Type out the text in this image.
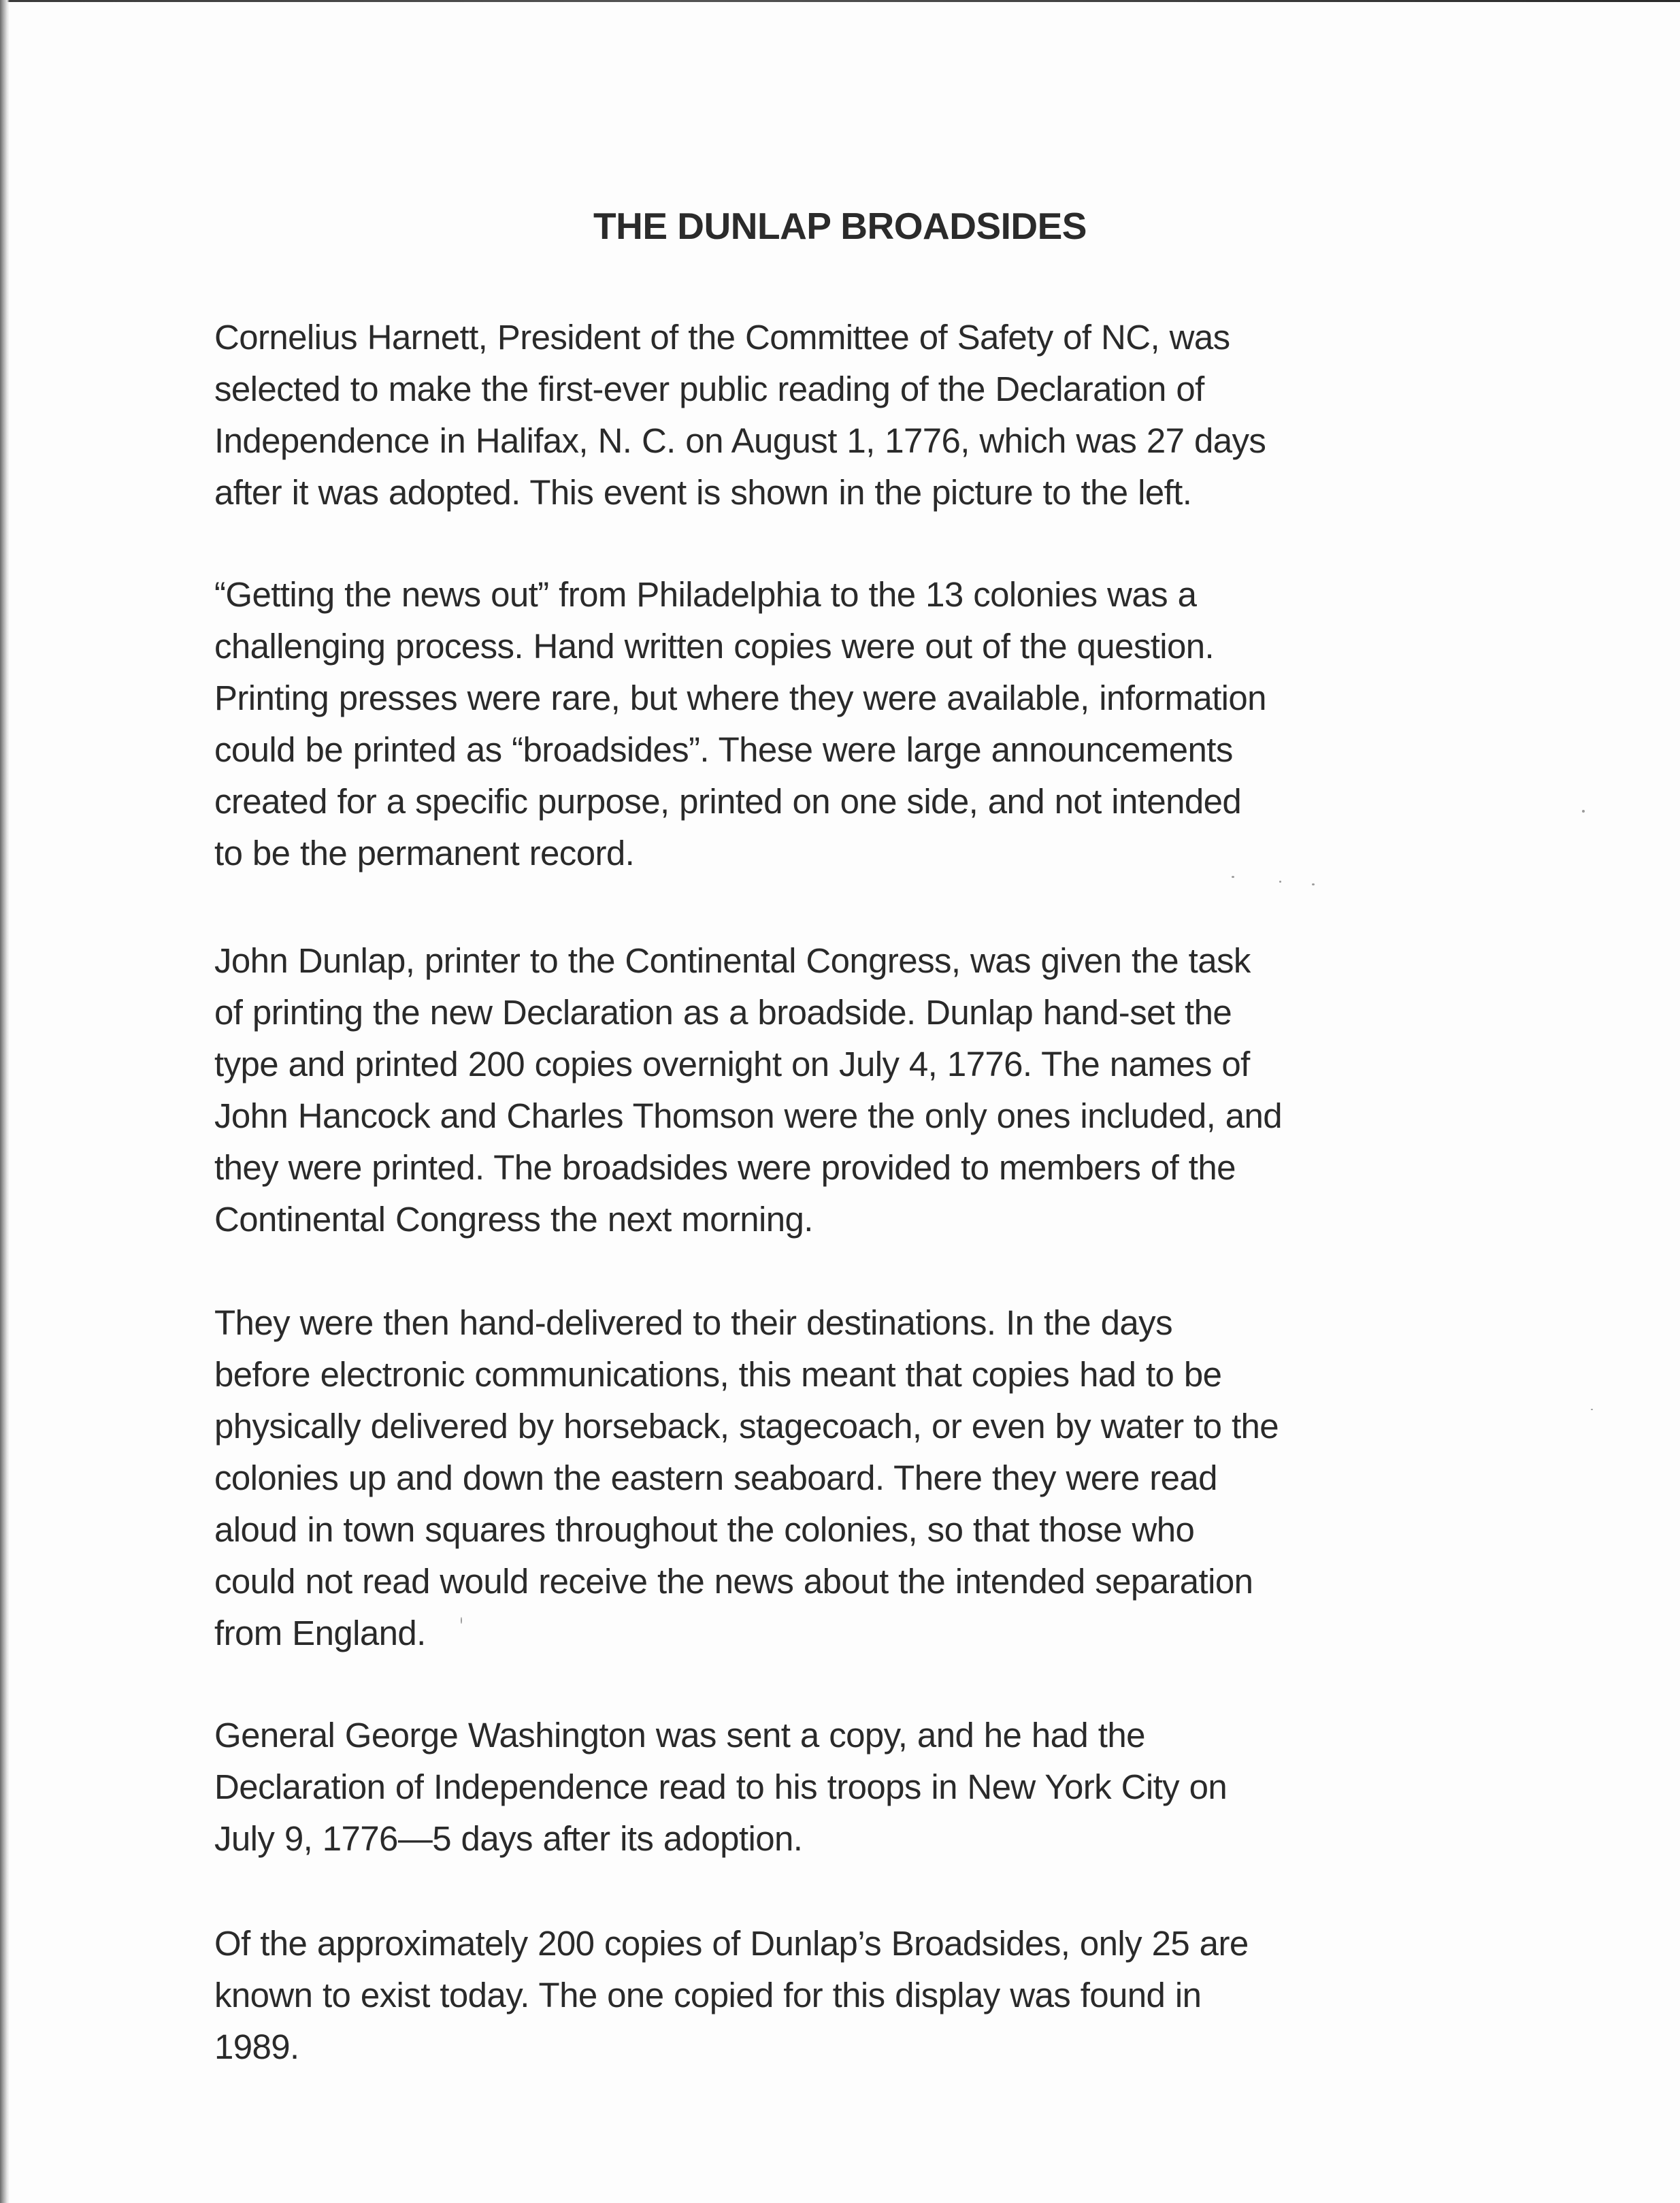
THE DUNLAP BROADSIDES

Cornelius Harnett, President of the Committee of Safety of NC, was
selected to make the first-ever public reading of the Declaration of
Independence in Halifax, N. C. on August 1, 1776, which was 27 days
after it was adopted. This event is shown in the picture to the left.

“Getting the news out” from Philadelphia to the 13 colonies was a
challenging process. Hand written copies were out of the question.
Printing presses were rare, but where they were available, information
could be printed as “broadsides”. These were large announcements
created for a specific purpose, printed on one side, and not intended
to be the permanent record.

John Dunlap, printer to the Continental Congress, was given the task
of printing the new Declaration as a broadside. Dunlap hand-set the
type and printed 200 copies overnight on July 4, 1776. The names of
John Hancock and Charles Thomson were the only ones included, and
they were printed. The broadsides were provided to members of the
Continental Congress the next morning.

They were then hand-delivered to their destinations. In the days
before electronic communications, this meant that copies had to be
physically delivered by horseback, stagecoach, or even by water to the
colonies up and down the eastern seaboard. There they were read
aloud in town squares throughout the colonies, so that those who
could not read would receive the news about the intended separation
from England.

General George Washington was sent a copy, and he had the
Declaration of Independence read to his troops in New York City on
July 9, 1776—5 days after its adoption.

Of the approximately 200 copies of Dunlap’s Broadsides, only 25 are
known to exist today. The one copied for this display was found in
1989.
